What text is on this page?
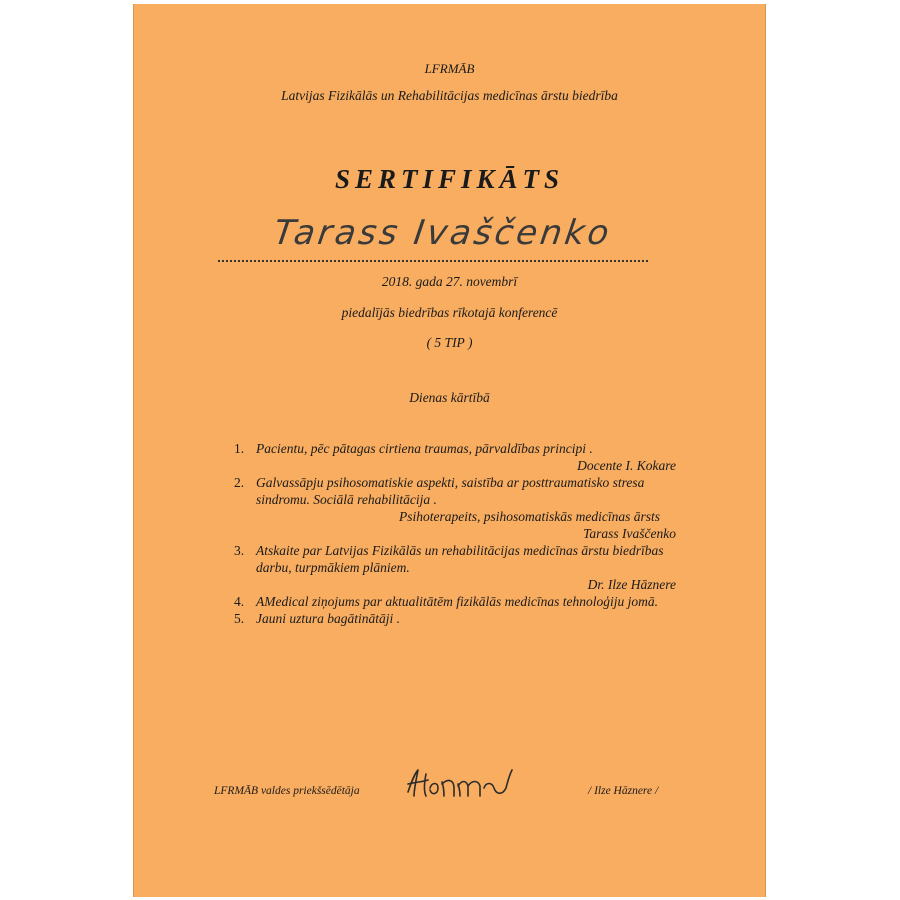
LFRMĀB
Latvijas Fizikālās un Rehabilitācijas medicīnas ārstu biedrība
SERTIFIKĀTS
Tarass Ivaščenko
2018. gada 27. novembrī
piedalījās biedrības rīkotajā konferencē
( 5 TIP )
Dienas kārtībā
1. Pacientu, pēc pātagas cirtiena traumas, pārvaldības principi .
Docente I. Kokare
2. Galvassāpju psihosomatiskie aspekti, saistība ar posttraumatisko stresa sindromu. Sociālā rehabilitācija .
Psihoterapeits, psihosomatiskās medicīnas ārsts
Tarass Ivaščenko
3. Atskaite par Latvijas Fizikālās un rehabilitācijas medicīnas ārstu biedrības darbu, turpmākiem plāniem.
Dr. Ilze Hāznere
4. AMedical ziņojums par aktualitātēm fizikālās medicīnas tehnoloģiju jomā.
5. Jauni uztura bagātinātāji .
LFRMĀB valdes priekšsēdētāja	/ Ilze Hāznere /
